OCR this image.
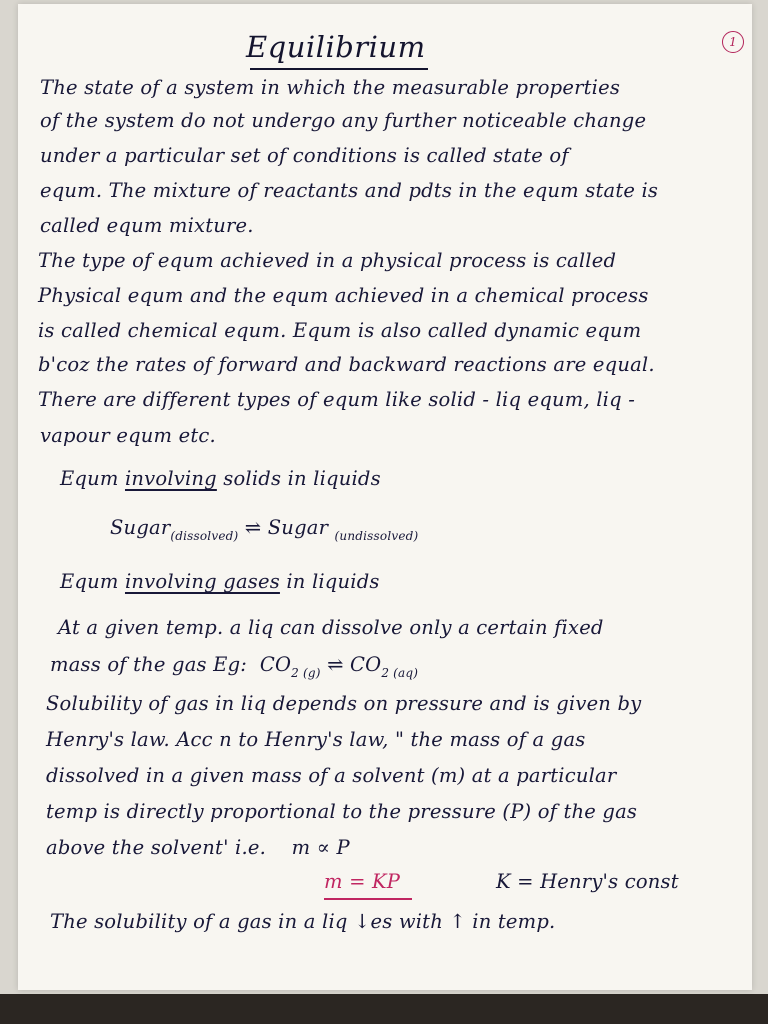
Equilibrium	1
The state of a system in which the measurable properties
of the system do not undergo any further noticeable change
under a particular set of conditions is called state of
equm. The mixture of reactants and pdts in the equm state is
called equm mixture.
The type of equm achieved in a physical process is called
Physical equm and the equm achieved in a chemical process
is called chemical equm. Equm is also called dynamic equm
b'coz the rates of forward and backward reactions are equal.
There are different types of equm like solid - liq equm, liq -
vapour equm etc.
Equm involving solids in liquids
Sugar$_{(dissolved)}$ ⇌ Sugar $_{(undissolved)}$
Equm involving gases in liquids
At a given temp. a liq can dissolve only a certain fixed
mass of the gas Eg: $CO_{2 (g)}$ ⇌ $CO_{2 (aq)}$
Solubility of gas in liq depends on pressure and is given by
Henry's law. Acc n to Henry's law, " the mass of a gas
dissolved in a given mass of a solvent (m) at a particular
temp is directly proportional to the pressure (P) of the gas
above the solvent' i.e. m ∝ P
m = KP	K = Henry's const
The solubility of a gas in a liq ↓es with ↑ in temp.
